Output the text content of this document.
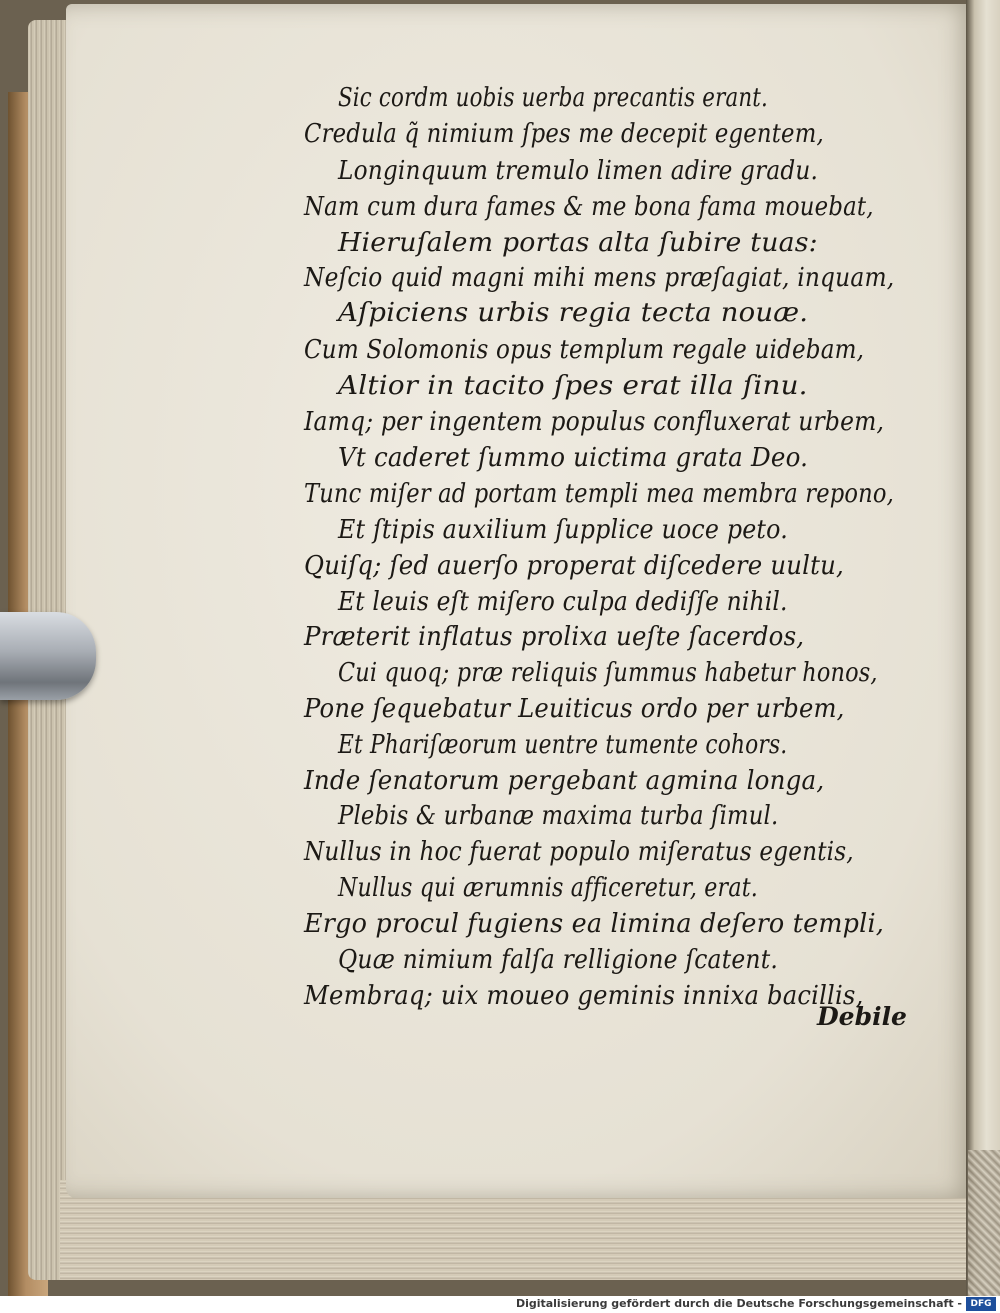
Sic cordm uobis uerba precantis erant.
Credula q̃ nimium ſpes me decepit egentem,
Longinquum tremulo limen adire gradu.
Nam cum dura fames & me bona fama mouebat,
Hieruſalem portas alta ſubire tuas:
Neſcio quid magni mihi mens præſagiat, inquam,
Aſpiciens urbis regia tecta nouæ.
Cum Solomonis opus templum regale uidebam,
Altior in tacito ſpes erat illa ſinu.
Iamq; per ingentem populus confluxerat urbem,
Vt caderet ſummo uictima grata Deo.
Tunc miſer ad portam templi mea membra repono,
Et ſtipis auxilium ſupplice uoce peto.
Quiſq; ſed auerſo properat diſcedere uultu,
Et leuis eſt miſero culpa dediſſe nihil.
Præterit inflatus prolixa ueſte ſacerdos,
Cui quoq; præ reliquis ſummus habetur honos,
Pone ſequebatur Leuiticus ordo per urbem,
Et Phariſæorum uentre tumente cohors.
Inde ſenatorum pergebant agmina longa,
Plebis & urbanæ maxima turba ſimul.
Nullus in hoc fuerat populo miſeratus egentis,
Nullus qui ærumnis afficeretur, erat.
Ergo procul fugiens ea limina deſero templi,
Quæ nimium falſa relligione ſcatent.
Membraq; uix moueo geminis innixa bacillis,
Debile
Digitalisierung gefördert durch die Deutsche Forschungsgemeinschaft - DFG
